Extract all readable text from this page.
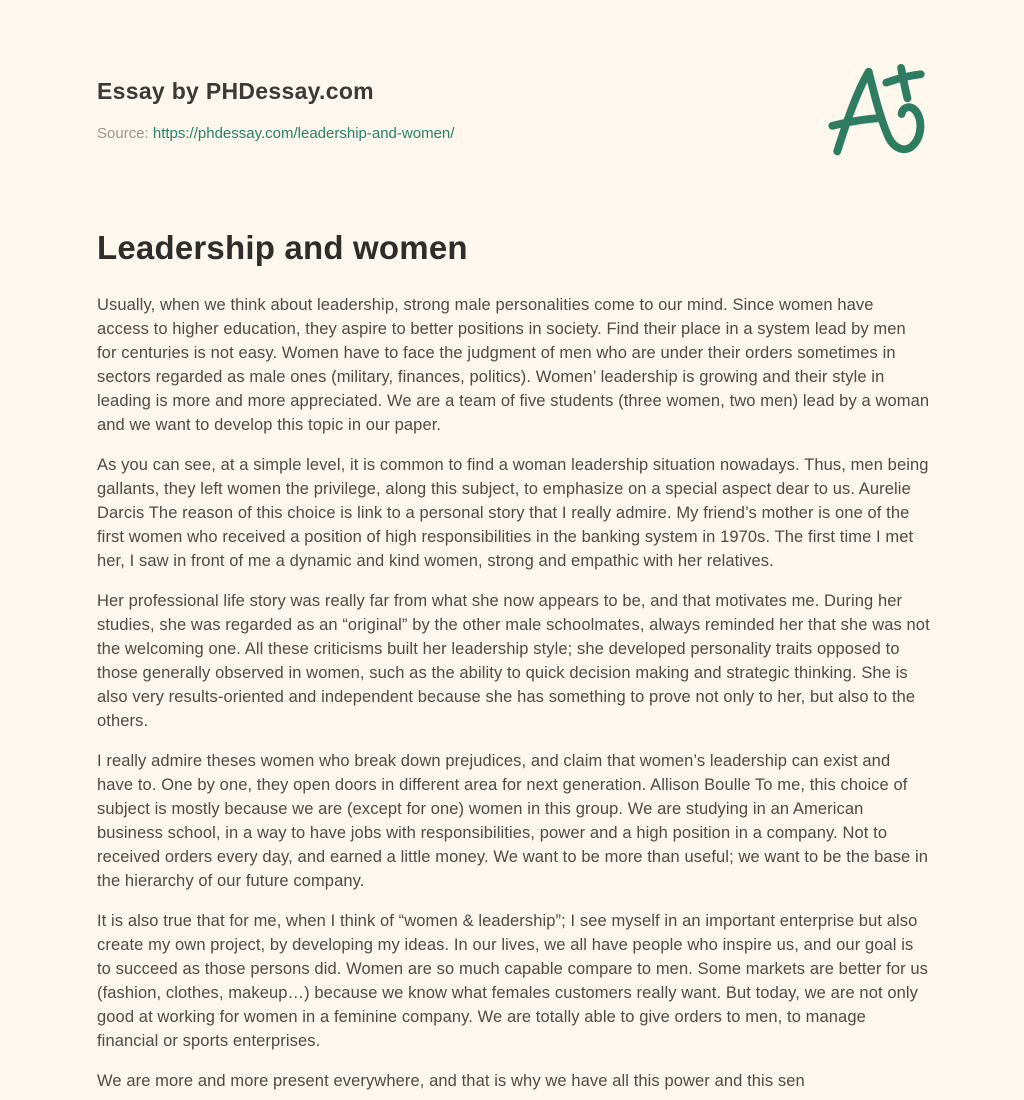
Essay by PHDessay.com
Source: https://phdessay.com/leadership-and-women/
Leadership and women

Usually, when we think about leadership, strong male personalities come to our mind. Since women have access to higher education, they aspire to better positions in society. Find their place in a system lead by men for centuries is not easy. Women have to face the judgment of men who are under their orders sometimes in sectors regarded as male ones (military, finances, politics). Women’ leadership is growing and their style in leading is more and more appreciated. We are a team of five students (three women, two men) lead by a woman and we want to develop this topic in our paper.

As you can see, at a simple level, it is common to find a woman leadership situation nowadays. Thus, men being gallants, they left women the privilege, along this subject, to emphasize on a special aspect dear to us. Aurelie Darcis The reason of this choice is link to a personal story that I really admire. My friend’s mother is one of the first women who received a position of high responsibilities in the banking system in 1970s. The first time I met her, I saw in front of me a dynamic and kind women, strong and empathic with her relatives.

Her professional life story was really far from what she now appears to be, and that motivates me. During her studies, she was regarded as an “original” by the other male schoolmates, always reminded her that she was not the welcoming one. All these criticisms built her leadership style; she developed personality traits opposed to those generally observed in women, such as the ability to quick decision making and strategic thinking. She is also very results-oriented and independent because she has something to prove not only to her, but also to the others.

I really admire theses women who break down prejudices, and claim that women’s leadership can exist and have to. One by one, they open doors in different area for next generation. Allison Boulle To me, this choice of subject is mostly because we are (except for one) women in this group. We are studying in an American business school, in a way to have jobs with responsibilities, power and a high position in a company. Not to received orders every day, and earned a little money. We want to be more than useful; we want to be the base in the hierarchy of our future company.

It is also true that for me, when I think of “women & leadership”; I see myself in an important enterprise but also create my own project, by developing my ideas. In our lives, we all have people who inspire us, and our goal is to succeed as those persons did. Women are so much capable compare to men. Some markets are better for us (fashion, clothes, makeup…) because we know what females customers really want. But today, we are not only good at working for women in a feminine company. We are totally able to give orders to men, to manage financial or sports enterprises.

We are more and more present everywhere, and that is why we have all this power and this sen
